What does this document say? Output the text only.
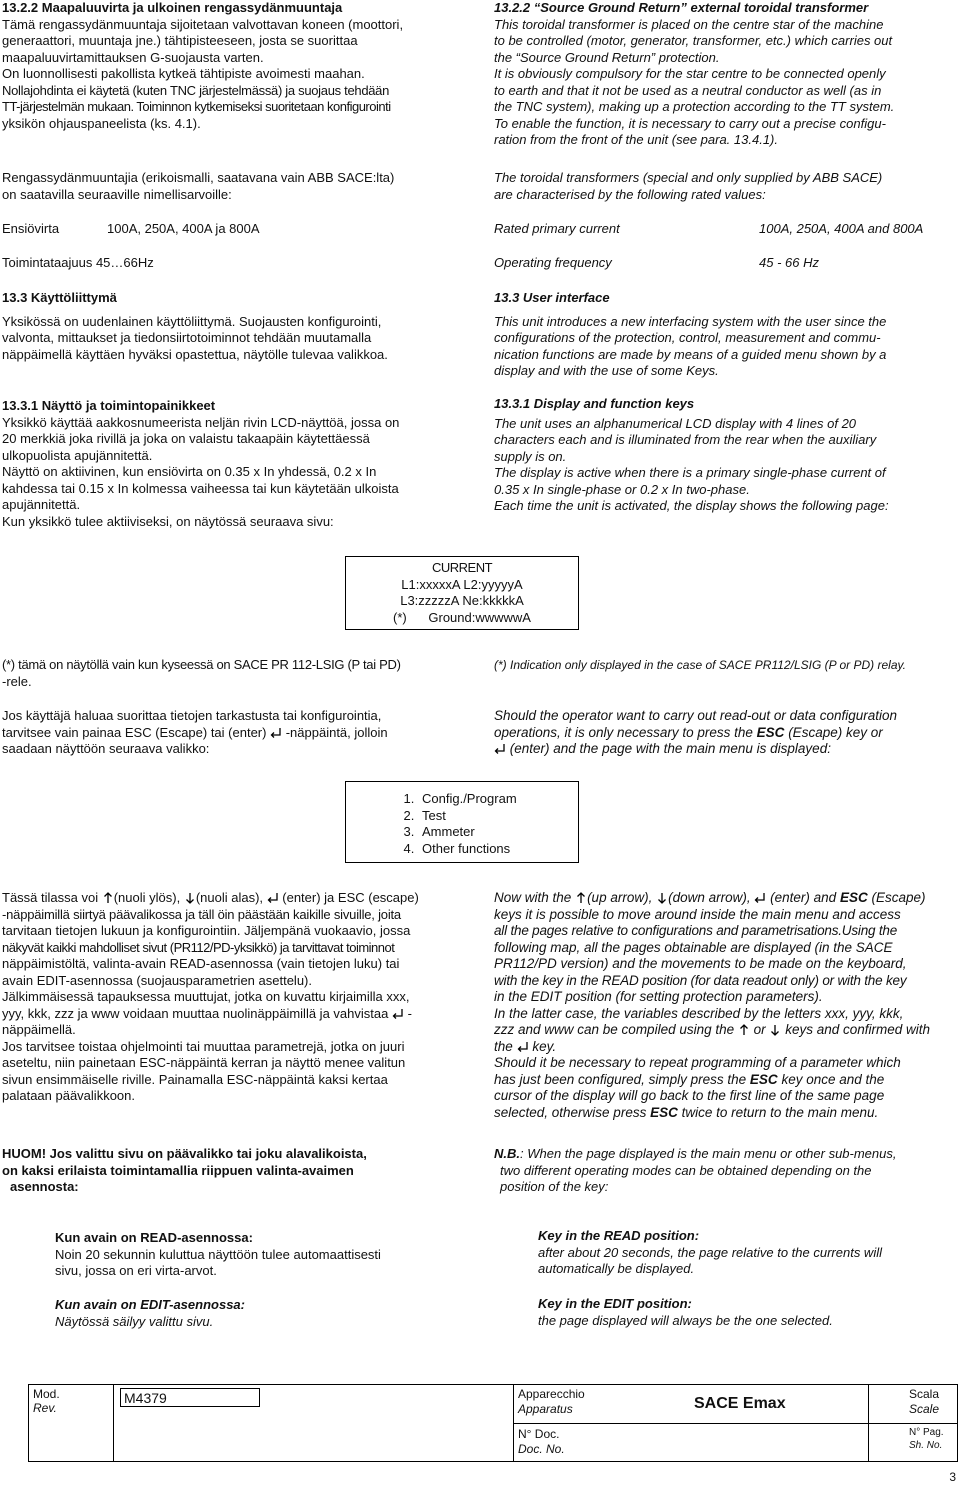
13.2.2 Maapaluuvirta ja ulkoinen rengassydänmuuntaja

Tämä rengassydänmuuntaja sijoitetaan valvottavan koneen (moottori,

generaattori, muuntaja jne.) tähtipisteeseen, josta se suorittaa

maapaluuvirtamittauksen G-suojausta varten.

On luonnollisesti pakollista kytkeä tähtipiste avoimesti maahan.

Nollajohdinta ei käytetä (kuten TNC järjestelmässä) ja suojaus tehdään

TT-järjestelmän mukaan. Toiminnon kytkemiseksi suoritetaan konfigurointi

yksikön ohjauspaneelista (ks. 4.1).

Rengassydänmuuntajia (erikoismalli, saatavana vain ABB SACE:lta)

on saatavilla seuraaville nimellisarvoille:

Ensiövirta	100A, 250A, 400A ja 800A

Toimintataajuus 45…66Hz

13.3 Käyttöliittymä

Yksikössä on uudenlainen käyttöliittymä. Suojausten konfigurointi,

valvonta, mittaukset ja tiedonsiirtotoiminnot tehdään muutamalla

näppäimellä käyttäen hyväksi opastettua, näytölle tulevaa valikkoa.

13.3.1 Näyttö ja toimintopainikkeet

Yksikkö käyttää aakkosnumeerista neljän rivin LCD-näyttöä, jossa on

20 merkkiä joka rivillä ja joka on valaistu takaapäin käytettäessä

ulkopuolista apujännitettä.

Näyttö on aktiivinen, kun ensiövirta on 0.35 x In yhdessä, 0.2 x In

kahdessa tai 0.15 x In kolmessa vaiheessa tai kun käytetään ulkoista

apujännitettä.

Kun yksikkö tulee aktiiviseksi, on näytössä seuraava sivu:

13.2.2 “Source Ground Return” external toroidal transformer

This toroidal transformer is placed on the centre star of the machine

to be controlled (motor, generator, transformer, etc.) which carries out

the “Source Ground Return” protection.

It is obviously compulsory for the star centre to be connected openly

to earth and that it not be used as a neutral conductor as well (as in

the TNC system), making up a protection according to the TT system.

To enable the function, it is necessary to carry out a precise configu-

ration from the front of the unit (see para. 13.4.1).

The toroidal transformers (special and only supplied by ABB SACE)

are characterised by the following rated values:

Rated primary current	100A, 250A, 400A and 800A
Operating frequency	45 - 66 Hz

13.3 User interface

This unit introduces a new interfacing system with the user since the

configurations of the protection, control, measurement and commu-

nication functions are made by means of a guided menu shown by a

display and with the use of some Keys.

13.3.1 Display and function keys

The unit uses an alphanumerical LCD display with 4 lines of 20

characters each and is illuminated from the rear when the auxiliary

supply is on.

The display is active when there is a primary single-phase current of

0.35 x In single-phase or 0.2 x In two-phase.

Each time the unit is activated, the display shows the following page:

CURRENT

L1:xxxxxA L2:yyyyyA

L3:zzzzzA Ne:kkkkkA

(*) Ground:wwwwwA

(*) tämä on näytöllä vain kun kyseessä on SACE PR 112-LSIG (P tai PD)

-rele.

(*) Indication only displayed in the case of SACE PR112/LSIG (P or PD) relay.

Jos käyttäjä haluaa suorittaa tietojen tarkastusta tai konfigurointia,

tarvitsee vain painaa ESC (Escape) tai (enter) -näppäintä, jolloin

saadaan näyttöön seuraava valikko:

Should the operator want to carry out read-out or data configuration

operations, it is only necessary to press the ESC (Escape) key or

(enter) and the page with the main menu is displayed:

1. Config./Program
2. Test
3. Ammeter
4. Other functions

Tässä tilassa voi (nuoli ylös), (nuoli alas), (enter) ja ESC (escape)

-näppäimillä siirtyä päävalikossa ja täll öin päästään kaikille sivuille, joita

tarvitaan tietojen lukuun ja konfigurointiin. Jäljempänä vuokaavio, jossa

näkyvät kaikki mahdolliset sivut (PR112/PD-yksikkö) ja tarvittavat toiminnot

näppäimistöltä, valinta-avain READ-asennossa (vain tietojen luku) tai

avain EDIT-asennossa (suojausparametrien asettelu).

Jälkimmäisessä tapauksessa muuttujat, jotka on kuvattu kirjaimilla xxx,

yyy, kkk, zzz ja www voidaan muuttaa nuolinäppäimillä ja vahvistaa -

näppäimellä.

Jos tarvitsee toistaa ohjelmointi tai muuttaa parametrejä, jotka on juuri

aseteltu, niin painetaan ESC-näppäintä kerran ja näyttö menee valitun

sivun ensimmäiselle riville. Painamalla ESC-näppäintä kaksi kertaa

palataan päävalikkoon.

Now with the (up arrow), (down arrow), (enter) and ESC (Escape)

keys it is possible to move around inside the main menu and access

all the pages relative to configurations and parametrisations.Using the

following map, all the pages obtainable are displayed (in the SACE

PR112/PD version) and the movements to be made on the keyboard,

with the key in the READ position (for data readout only) or with the key

in the EDIT position (for setting protection parameters).

In the latter case, the variables described by the letters xxx, yyy, kkk,

zzz and www can be compiled using the or keys and confirmed with

the key.

Should it be necessary to repeat programming of a parameter which

has just been configured, simply press the ESC key once and the

cursor of the display will go back to the first line of the same page

selected, otherwise press ESC twice to return to the main menu.

HUOM! Jos valittu sivu on päävalikko tai joku alavalikoista,

on kaksi erilaista toimintamallia riippuen valinta-avaimen

asennosta:

N.B.: When the page displayed is the main menu or other sub-menus,

two different operating modes can be obtained depending on the

position of the key:

Kun avain on READ-asennossa:

Noin 20 sekunnin kuluttua näyttöön tulee automaattisesti

sivu, jossa on eri virta-arvot.

Kun avain on EDIT-asennossa:

Näytössä säilyy valittu sivu.

Key in the READ position:

after about 20 seconds, the page relative to the currents will

automatically be displayed.

Key in the EDIT position:

the page displayed will always be the one selected.

Mod.
Rev.
M4379	Apparecchio
Apparatus	SACE Emax
Scala
Scale
N° Doc.
Doc. No.
N° Pag.
Sh. No.
3
